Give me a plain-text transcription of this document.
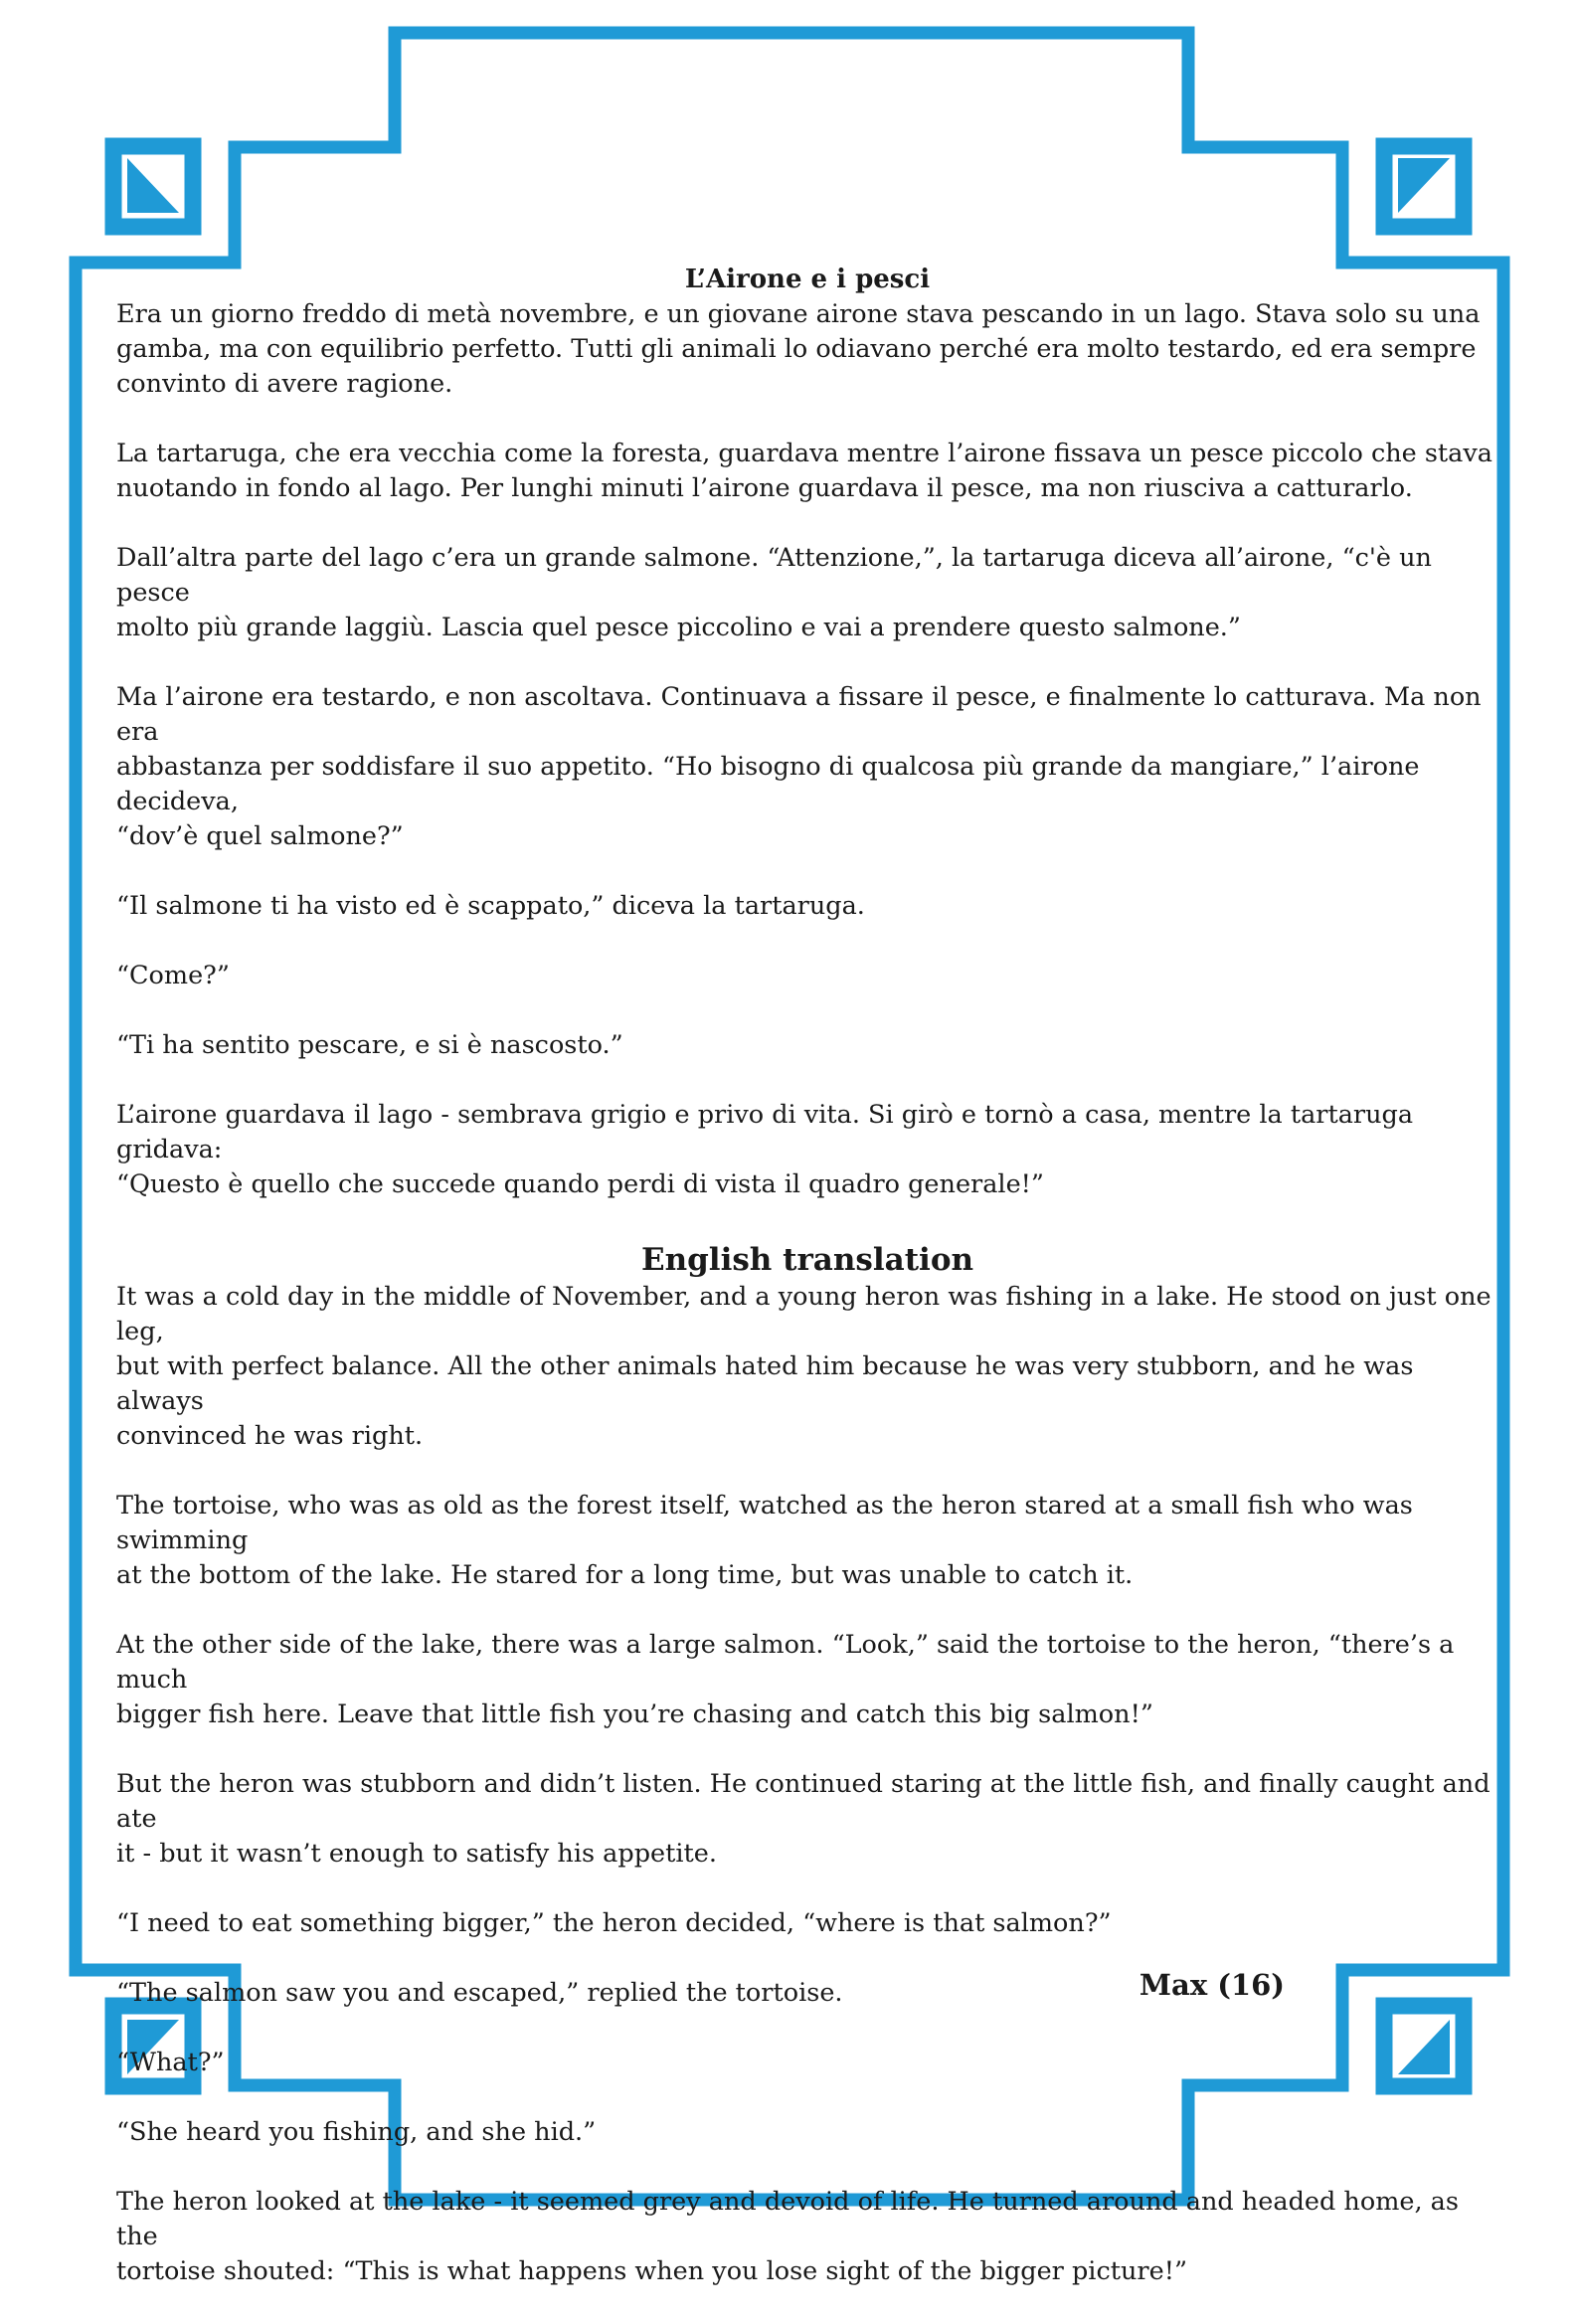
L’Airone e i pesci

Era un giorno freddo di metà novembre, e un giovane airone stava pescando in un lago. Stava solo su una
gamba, ma con equilibrio perfetto. Tutti gli animali lo odiavano perché era molto testardo, ed era sempre
convinto di avere ragione.

La tartaruga, che era vecchia come la foresta, guardava mentre l’airone fissava un pesce piccolo che stava
nuotando in fondo al lago. Per lunghi minuti l’airone guardava il pesce, ma non riusciva a catturarlo.

Dall’altra parte del lago c’era un grande salmone. “Attenzione,”, la tartaruga diceva all’airone, “c'è un pesce
molto più grande laggiù. Lascia quel pesce piccolino e vai a prendere questo salmone.”

Ma l’airone era testardo, e non ascoltava. Continuava a fissare il pesce, e finalmente lo catturava. Ma non era
abbastanza per soddisfare il suo appetito. “Ho bisogno di qualcosa più grande da mangiare,” l’airone decideva,
“dov’è quel salmone?”

“Il salmone ti ha visto ed è scappato,” diceva la tartaruga.

“Come?”

“Ti ha sentito pescare, e si è nascosto.”

L’airone guardava il lago - sembrava grigio e privo di vita. Si girò e tornò a casa, mentre la tartaruga gridava:
“Questo è quello che succede quando perdi di vista il quadro generale!”

English translation

It was a cold day in the middle of November, and a young heron was fishing in a lake. He stood on just one leg,
but with perfect balance. All the other animals hated him because he was very stubborn, and he was always
convinced he was right.

The tortoise, who was as old as the forest itself, watched as the heron stared at a small fish who was swimming
at the bottom of the lake. He stared for a long time, but was unable to catch it.

At the other side of the lake, there was a large salmon. “Look,” said the tortoise to the heron, “there’s a much
bigger fish here. Leave that little fish you’re chasing and catch this big salmon!”

But the heron was stubborn and didn’t listen. He continued staring at the little fish, and finally caught and ate
it - but it wasn’t enough to satisfy his appetite.

“I need to eat something bigger,” the heron decided, “where is that salmon?”

“The salmon saw you and escaped,” replied the tortoise.

“What?”

“She heard you fishing, and she hid.”

The heron looked at the lake - it seemed grey and devoid of life. He turned around and headed home, as the
tortoise shouted: “This is what happens when you lose sight of the bigger picture!”

Max (16)
